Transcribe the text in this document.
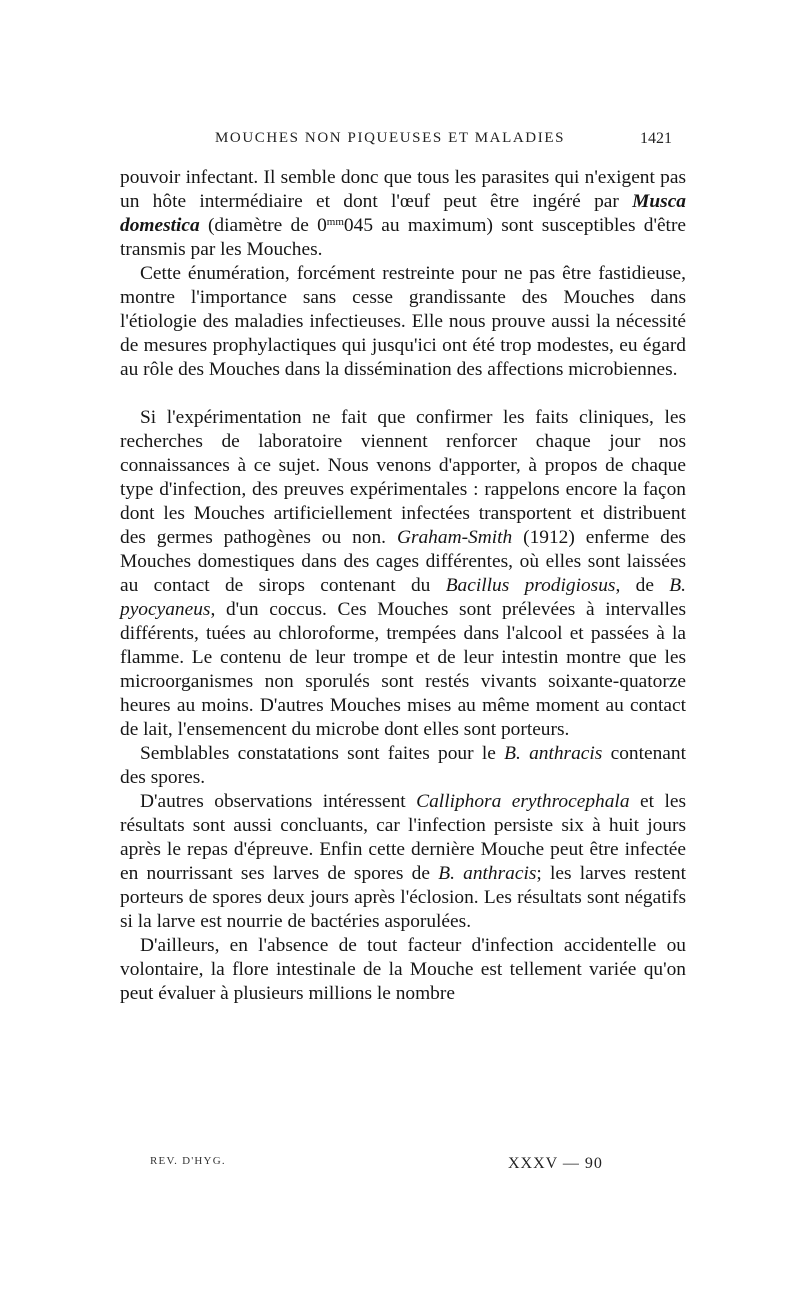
MOUCHES NON PIQUEUSES ET MALADIES	1421

pouvoir infectant. Il semble donc que tous les parasites qui n'exigent pas un hôte intermédiaire et dont l'œuf peut être ingéré par Musca domestica (diamètre de $0^{mm}045$ au maximum) sont susceptibles d'être transmis par les Mouches.

Cette énumération, forcément restreinte pour ne pas être fastidieuse, montre l'importance sans cesse grandissante des Mouches dans l'étiologie des maladies infectieuses. Elle nous prouve aussi la nécessité de mesures prophylactiques qui jusqu'ici ont été trop modestes, eu égard au rôle des Mouches dans la dissémination des affections microbiennes.

Si l'expérimentation ne fait que confirmer les faits cliniques, les recherches de laboratoire viennent renforcer chaque jour nos connaissances à ce sujet. Nous venons d'apporter, à propos de chaque type d'infection, des preuves expérimentales : rappelons encore la façon dont les Mouches artificiellement infectées transportent et distribuent des germes pathogènes ou non. Graham-Smith (1912) enferme des Mouches domestiques dans des cages différentes, où elles sont laissées au contact de sirops contenant du Bacillus prodigiosus, de B. pyocyaneus, d'un coccus. Ces Mouches sont prélevées à intervalles différents, tuées au chloroforme, trempées dans l'alcool et passées à la flamme. Le contenu de leur trompe et de leur intestin montre que les microorganismes non sporulés sont restés vivants soixante-quatorze heures au moins. D'autres Mouches mises au même moment au contact de lait, l'ensemencent du microbe dont elles sont porteurs.

Semblables constatations sont faites pour le B. anthracis contenant des spores.

D'autres observations intéressent Calliphora erythrocephala et les résultats sont aussi concluants, car l'infection persiste six à huit jours après le repas d'épreuve. Enfin cette dernière Mouche peut être infectée en nourrissant ses larves de spores de B. anthracis; les larves restent porteurs de spores deux jours après l'éclosion. Les résultats sont négatifs si la larve est nourrie de bactéries asporulées.

D'ailleurs, en l'absence de tout facteur d'infection accidentelle ou volontaire, la flore intestinale de la Mouche est tellement variée qu'on peut évaluer à plusieurs millions le nombre

REV. D'HYG.	XXXV — 90
